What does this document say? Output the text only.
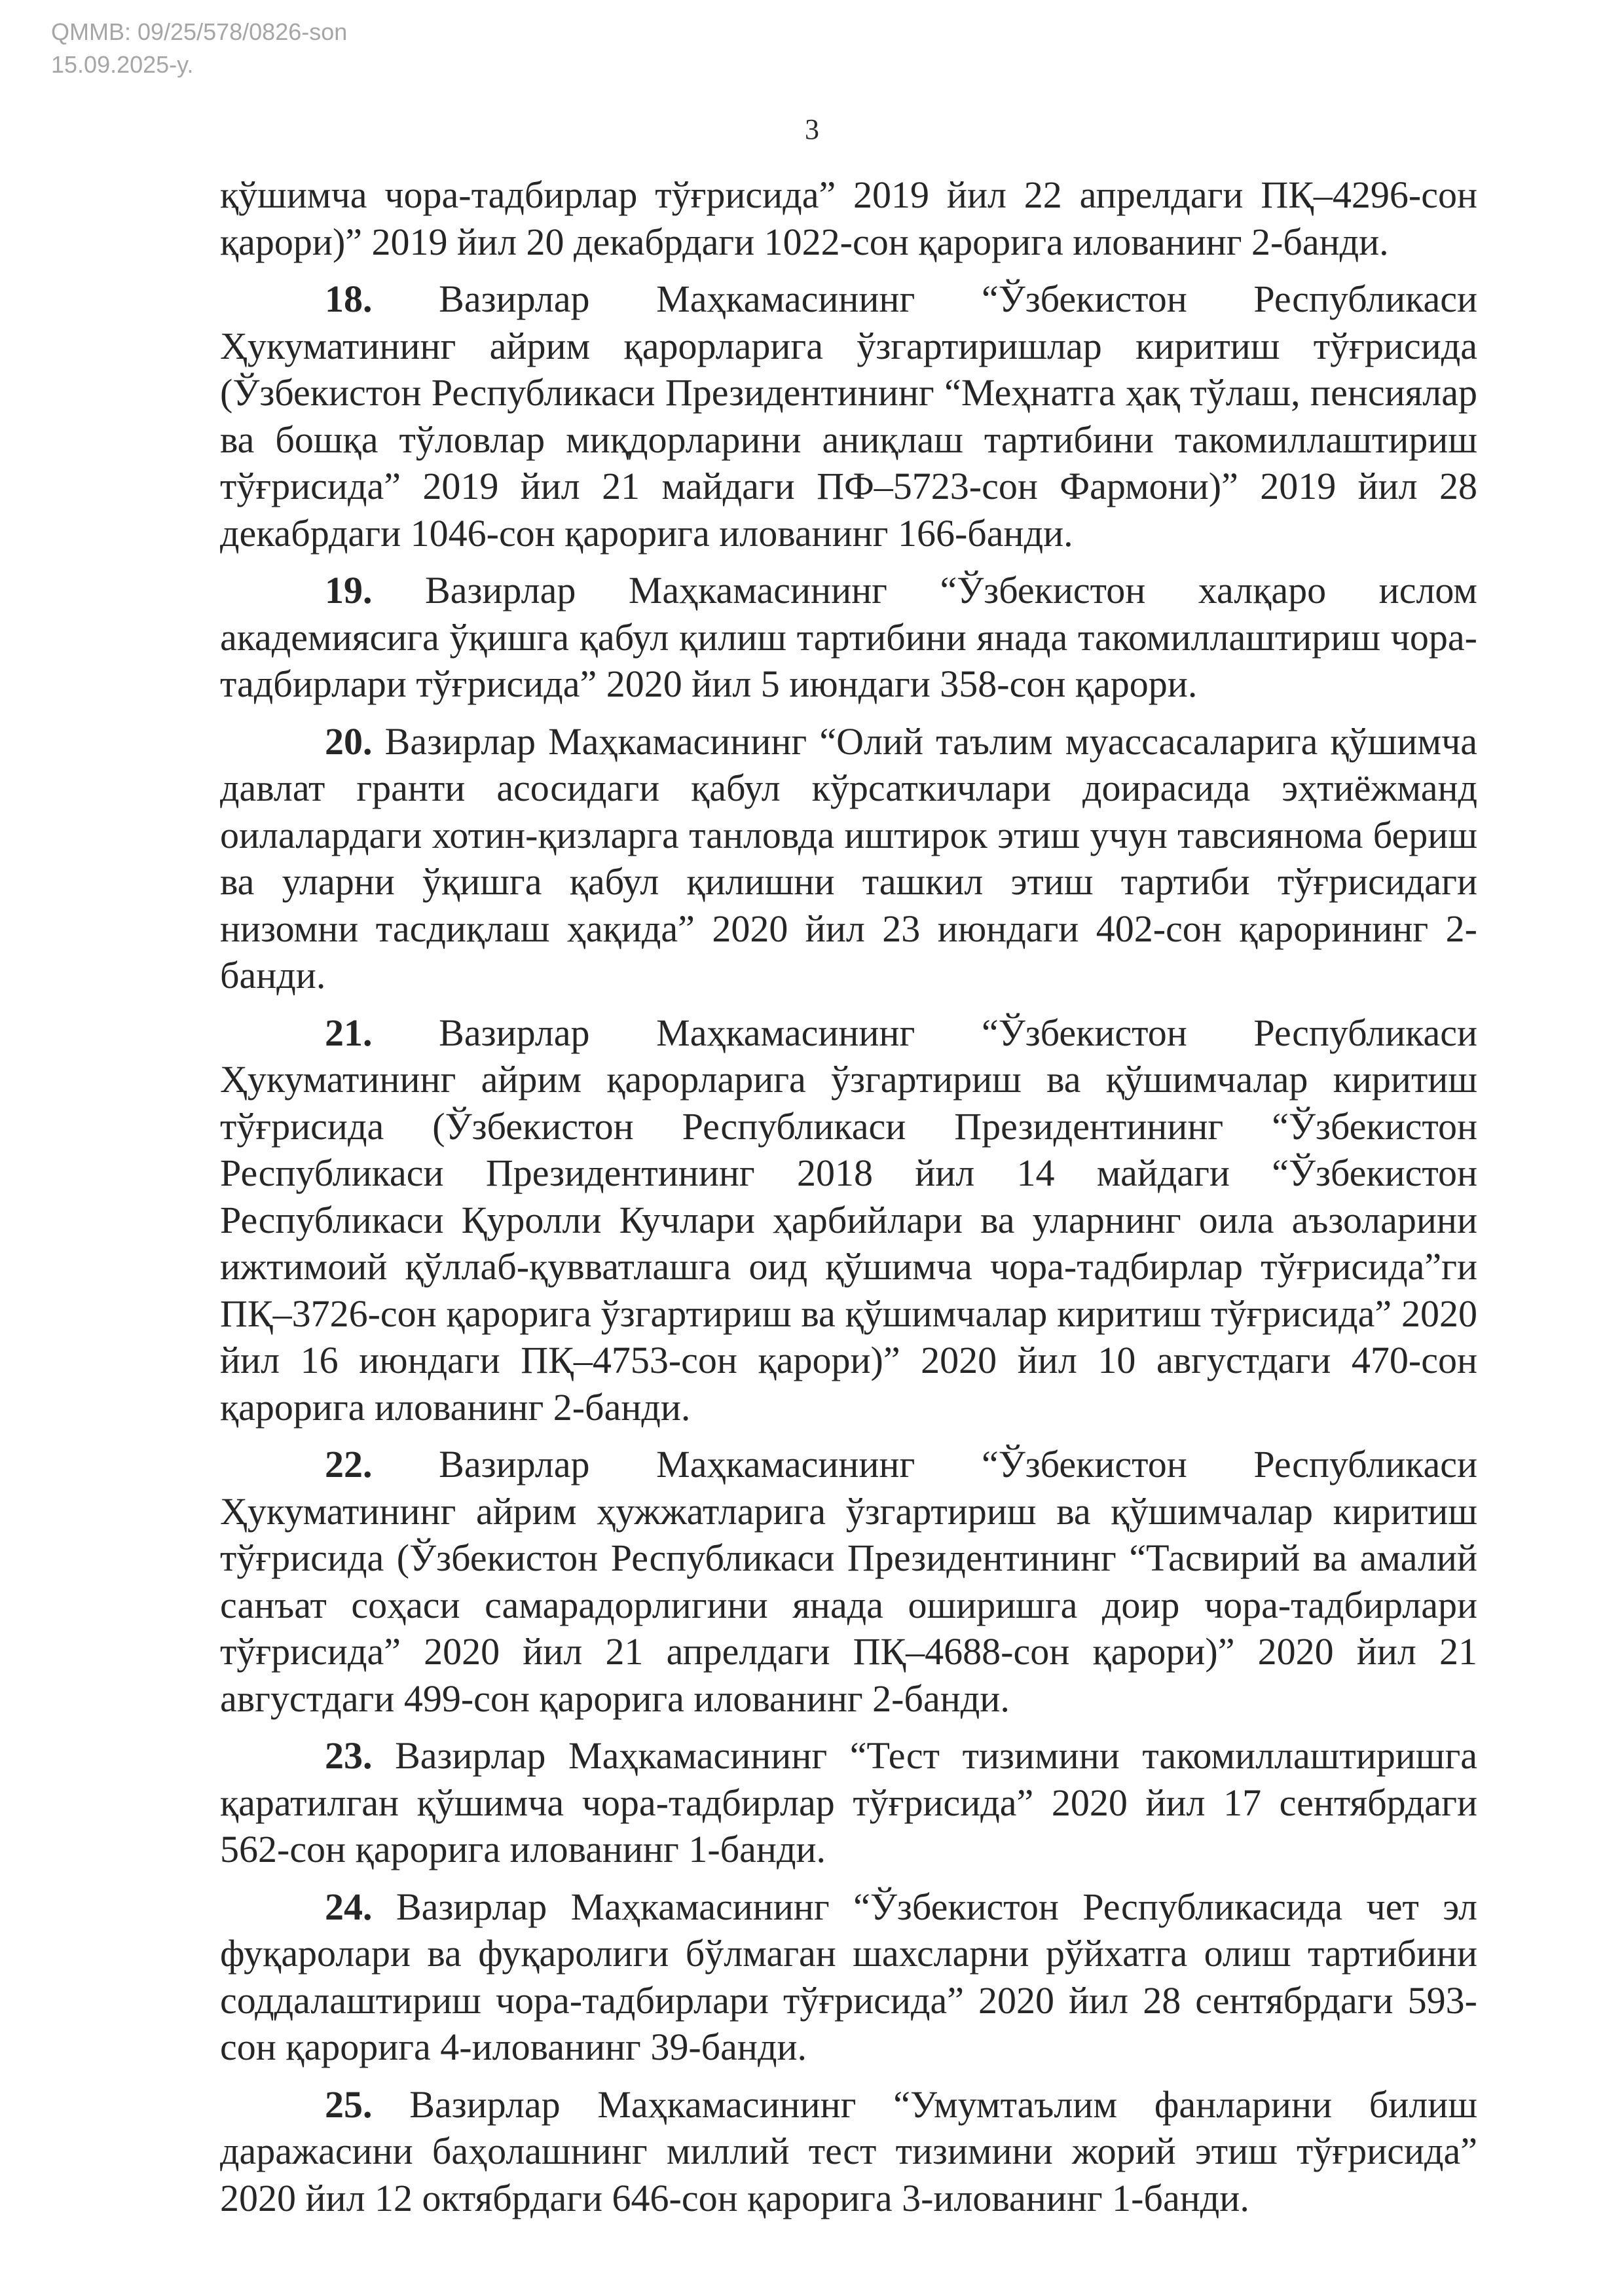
QMMB: 09/25/578/0826-son
15.09.2025-y.
3

қўшимча чора-тадбирлар тўғрисида” 2019 йил 22 апрелдаги ПҚ–4296-сон қарори)” 2019 йил 20 декабрдаги 1022-сон қарорига илованинг 2-банди.

18. Вазирлар Маҳкамасининг “Ўзбекистон Республикаси Ҳукуматининг айрим қарорларига ўзгартиришлар киритиш тўғрисида (Ўзбекистон Республикаси Президентининг “Меҳнатга ҳақ тўлаш, пенсиялар ва бошқа тўловлар миқдорларини аниқлаш тартибини такомиллаштириш тўғрисида” 2019 йил 21 майдаги ПФ–5723-сон Фармони)” 2019 йил 28 декабрдаги 1046-сон қарорига илованинг 166-банди.

19. Вазирлар Маҳкамасининг “Ўзбекистон халқаро ислом академиясига ўқишга қабул қилиш тартибини янада такомиллаштириш чора-тадбирлари тўғрисида” 2020 йил 5 июндаги 358-сон қарори.

20. Вазирлар Маҳкамасининг “Олий таълим муассасаларига қўшимча давлат гранти асосидаги қабул кўрсаткичлари доирасида эҳтиёжманд оилалардаги хотин-қизларга танловда иштирок этиш учун тавсиянома бериш ва уларни ўқишга қабул қилишни ташкил этиш тартиби тўғрисидаги низомни тасдиқлаш ҳақида” 2020 йил 23 июндаги 402-сон қарорининг 2-банди.

21. Вазирлар Маҳкамасининг “Ўзбекистон Республикаси Ҳукуматининг айрим қарорларига ўзгартириш ва қўшимчалар киритиш тўғрисида (Ўзбекистон Республикаси Президентининг “Ўзбекистон Республикаси Президентининг 2018 йил 14 майдаги “Ўзбекистон Республикаси Қуролли Кучлари ҳарбийлари ва уларнинг оила аъзоларини ижтимоий қўллаб-қувватлашга оид қўшимча чора-тадбирлар тўғрисида”ги ПҚ–3726-сон қарорига ўзгартириш ва қўшимчалар киритиш тўғрисида” 2020 йил 16 июндаги ПҚ–4753-сон қарори)” 2020 йил 10 августдаги 470-сон қарорига илованинг 2-банди.

22. Вазирлар Маҳкамасининг “Ўзбекистон Республикаси Ҳукуматининг айрим ҳужжатларига ўзгартириш ва қўшимчалар киритиш тўғрисида (Ўзбекистон Республикаси Президентининг “Тасвирий ва амалий санъат соҳаси самарадорлигини янада оширишга доир чора-тадбирлари тўғрисида” 2020 йил 21 апрелдаги ПҚ–4688-сон қарори)” 2020 йил 21 августдаги 499-сон қарорига илованинг 2-банди.

23. Вазирлар Маҳкамасининг “Тест тизимини такомиллаштиришга қаратилган қўшимча чора-тадбирлар тўғрисида” 2020 йил 17 сентябрдаги 562-сон қарорига илованинг 1-банди.

24. Вазирлар Маҳкамасининг “Ўзбекистон Республикасида чет эл фуқаролари ва фуқаролиги бўлмаган шахсларни рўйхатга олиш тартибини соддалаштириш чора-тадбирлари тўғрисида” 2020 йил 28 сентябрдаги 593-сон қарорига 4-илованинг 39-банди.

25. Вазирлар Маҳкамасининг “Умумтаълим фанларини билиш даражасини баҳолашнинг миллий тест тизимини жорий этиш тўғрисида” 2020 йил 12 октябрдаги 646-сон қарорига 3-илованинг 1-банди.
